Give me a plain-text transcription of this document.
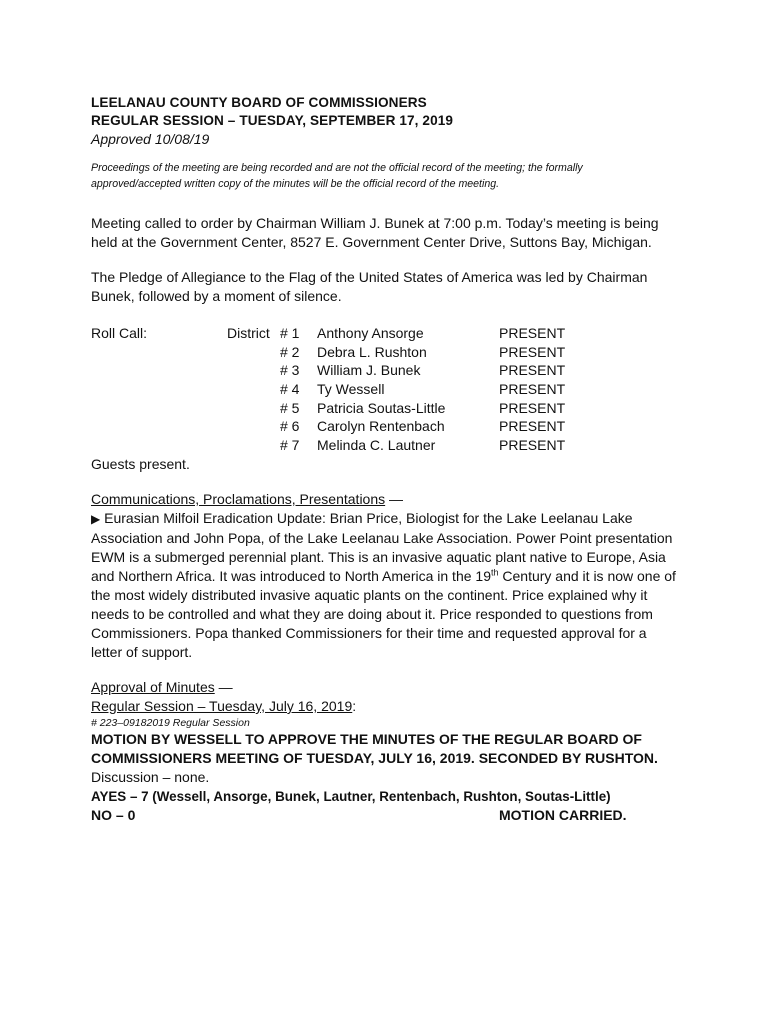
LEELANAU COUNTY BOARD OF COMMISSIONERS
REGULAR SESSION – TUESDAY, SEPTEMBER 17, 2019
Approved 10/08/19
Proceedings of the meeting are being recorded and are not the official record of the meeting; the formally approved/accepted written copy of the minutes will be the official record of the meeting.

Meeting called to order by Chairman William J. Bunek at 7:00 p.m. Today’s meeting is being held at the Government Center, 8527 E. Government Center Drive, Suttons Bay, Michigan.

The Pledge of Allegiance to the Flag of the United States of America was led by Chairman Bunek, followed by a moment of silence.

Roll Call:	District # 1 Anthony Ansorge	PRESENT
# 2 Debra L. Rushton	PRESENT
# 3 William J. Bunek	PRESENT
# 4 Ty Wessell	PRESENT
# 5 Patricia Soutas-Little	PRESENT
# 6 Carolyn Rentenbach	PRESENT
# 7 Melinda C. Lautner	PRESENT

Guests present.

Communications, Proclamations, Presentations —

▶ Eurasian Milfoil Eradication Update: Brian Price, Biologist for the Lake Leelanau Lake Association and John Popa, of the Lake Leelanau Lake Association. Power Point presentation EWM is a submerged perennial plant. This is an invasive aquatic plant native to Europe, Asia and Northern Africa. It was introduced to North America in the 19th Century and it is now one of the most widely distributed invasive aquatic plants on the continent. Price explained why it needs to be controlled and what they are doing about it. Price responded to questions from Commissioners. Popa thanked Commissioners for their time and requested approval for a letter of support.

Approval of Minutes —

Regular Session – Tuesday, July 16, 2019:

# 223–09182019 Regular Session
MOTION BY WESSELL TO APPROVE THE MINUTES OF THE REGULAR BOARD OF COMMISSIONERS MEETING OF TUESDAY, JULY 16, 2019. SECONDED BY RUSHTON.

Discussion – none.

AYES – 7 (Wessell, Ansorge, Bunek, Lautner, Rentenbach, Rushton, Soutas-Little)
NO – 0	MOTION CARRIED.
